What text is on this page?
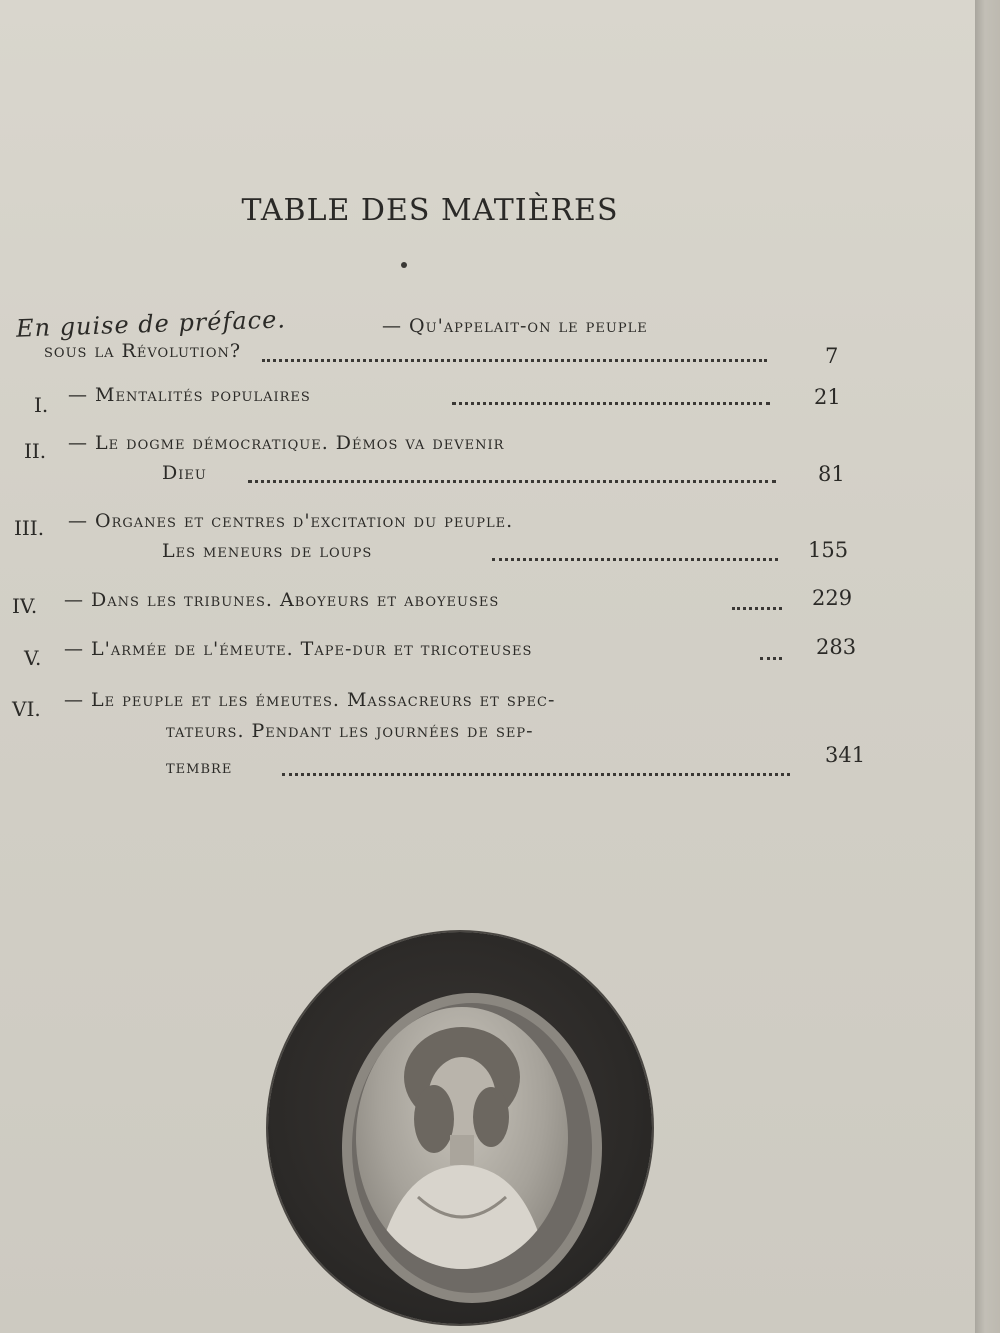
TABLE DES MATIÈRES
En guise de préface.	— Qu'appelait-on le peuple
sous la Révolution?	7
I. — Mentalités populaires	21
II. — Le dogme démocratique. Démos va devenir
Dieu	81
III. — Organes et centres d'excitation du peuple.
Les meneurs de loups	155
IV. — Dans les tribunes. Aboyeurs et aboyeuses	229
V. — L'armée de l'émeute. Tape-dur et tricoteuses	283
VI. — Le peuple et les émeutes. Massacreurs et spec-
tateurs. Pendant les journées de sep-
tembre	341
